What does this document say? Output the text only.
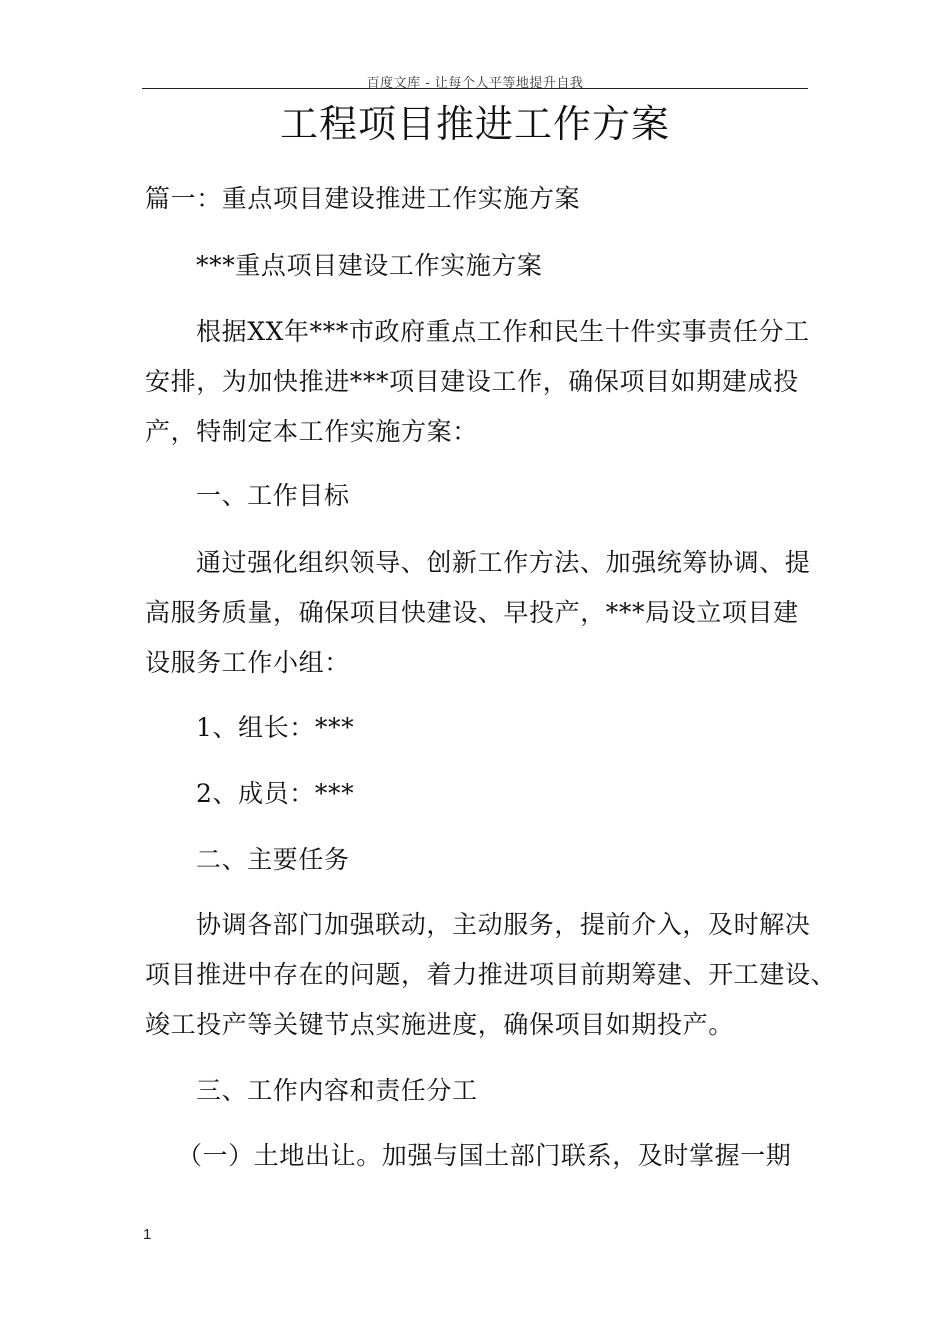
百度文库 - 让每个人平等地提升自我
工程项目推进工作方案
篇一：重点项目建设推进工作实施方案
***重点项目建设工作实施方案
根据XX年***市政府重点工作和民生十件实事责任分工
安排，为加快推进***项目建设工作，确保项目如期建成投
产，特制定本工作实施方案：
一、工作目标
通过强化组织领导、创新工作方法、加强统筹协调、提
高服务质量，确保项目快建设、早投产，***局设立项目建
设服务工作小组：
1、组长：***
2、成员：***
二、主要任务
协调各部门加强联动，主动服务，提前介入，及时解决
项目推进中存在的问题，着力推进项目前期筹建、开工建设、
竣工投产等关键节点实施进度，确保项目如期投产。
三、工作内容和责任分工
（一）土地出让。加强与国土部门联系，及时掌握一期
1
